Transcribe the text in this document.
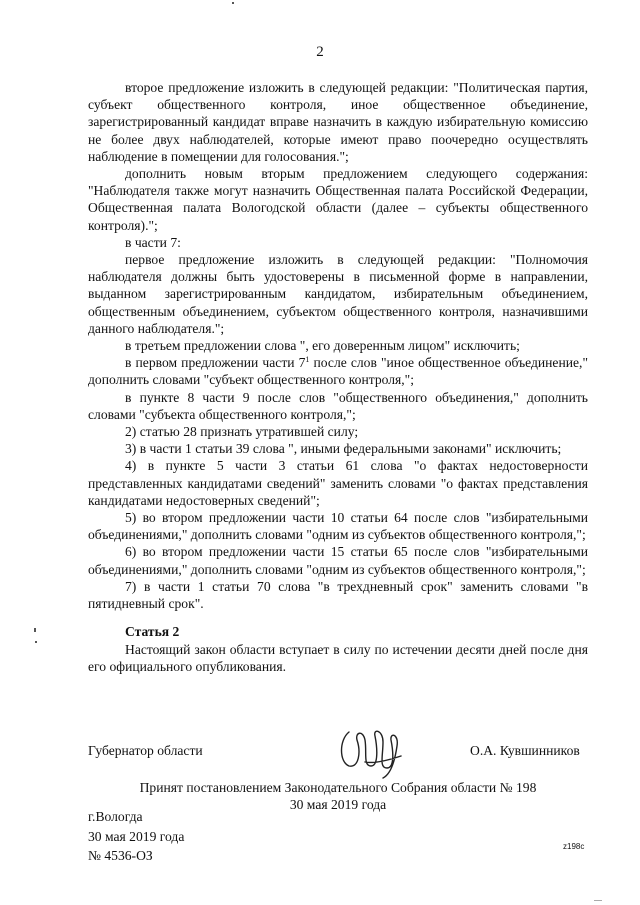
2

второе предложение изложить в следующей редакции: "Политическая партия, субъект общественного контроля, иное общественное объединение, зарегистрированный кандидат вправе назначить в каждую избирательную комиссию не более двух наблюдателей, которые имеют право поочередно осуществлять наблюдение в помещении для голосования.";

дополнить новым вторым предложением следующего содержания: "Наблюдателя также могут назначить Общественная палата Российской Федерации, Общественная палата Вологодской области (далее – субъекты общественного контроля).";

в части 7:

первое предложение изложить в следующей редакции: "Полномочия наблюдателя должны быть удостоверены в письменной форме в направлении, выданном зарегистрированным кандидатом, избирательным объединением, общественным объединением, субъектом общественного контроля, назначившими данного наблюдателя.";

в третьем предложении слова ", его доверенным лицом" исключить;

в первом предложении части $7^1$ после слов "иное общественное объединение," дополнить словами "субъект общественного контроля,";

в пункте 8 части 9 после слов "общественного объединения," дополнить словами "субъекта общественного контроля,";

2) статью 28 признать утратившей силу;

3) в части 1 статьи 39 слова ", иными федеральными законами" исключить;

4) в пункте 5 части 3 статьи 61 слова "о фактах недостоверности представленных кандидатами сведений" заменить словами "о фактах представления кандидатами недостоверных сведений";

5) во втором предложении части 10 статьи 64 после слов "избирательными объединениями," дополнить словами "одним из субъектов общественного контроля,";

6) во втором предложении части 15 статьи 65 после слов "избирательными объединениями," дополнить словами "одним из субъектов общественного контроля,";

7) в части 1 статьи 70 слова "в трехдневный срок" заменить словами "в пятидневный срок".

Статья 2

Настоящий закон области вступает в силу по истечении десяти дней после дня его официального опубликования.

Губернатор области	О.А. Кувшинников
Принят постановлением Законодательного Собрания области № 198
30 мая 2019 года
г.Вологда
30 мая 2019 года
№ 4536-ОЗ
z198c
